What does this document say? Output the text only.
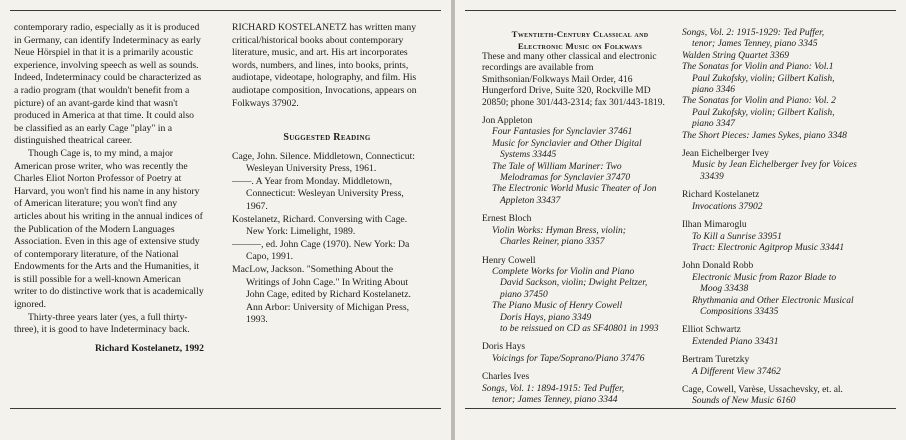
contemporary radio, especially as it is produced in Germany, can identify Indeterminacy as early Neue Hörspiel in that it is a primarily acoustic experience, involving speech as well as sounds. Indeed, Indeterminacy could be characterized as a radio program (that wouldn't benefit from a picture) of an avant-garde kind that wasn't produced in America at that time. It could also be classified as an early Cage "play" in a distinguished theatrical career.

Though Cage is, to my mind, a major American prose writer, who was recently the Charles Eliot Norton Professor of Poetry at Harvard, you won't find his name in any history of American literature; you won't find any articles about his writing in the annual indices of the Publication of the Modern Languages Association. Even in this age of extensive study of contemporary literature, of the National Endowments for the Arts and the Humanities, it is still possible for a well-known American writer to do distinctive work that is academically ignored.

Thirty-three years later (yes, a full thirty-three), it is good to have Indeterminacy back.

Richard Kostelanetz, 1992

RICHARD KOSTELANETZ has written many critical/historical books about contemporary literature, music, and art. His art incorporates words, numbers, and lines, into books, prints, audiotape, videotape, holography, and film. His audiotape composition, Invocations, appears on Folkways 37902.

Suggested Reading

Cage, John. Silence. Middletown, Connecticut: Wesleyan University Press, 1961.

——. A Year from Monday. Middletown, Connecticut: Wesleyan University Press, 1967.

Kostelanetz, Richard. Conversing with Cage. New York: Limelight, 1989.

———, ed. John Cage (1970). New York: Da Capo, 1991.

MacLow, Jackson. "Something About the Writings of John Cage." In Writing About John Cage, edited by Richard Kostelanetz. Ann Arbor: University of Michigan Press, 1993.

Twentieth-Century Classical and
Electronic Music on Folkways

These and many other classical and electronic recordings are available from Smithsonian/Folkways Mail Order, 416 Hungerford Drive, Suite 320, Rockville MD 20850; phone 301/443-2314; fax 301/443-1819.

Jon Appleton
Four Fantasies for Synclavier 37461
Music for Synclavier and Other Digital
Systems 33445
The Tale of William Mariner: Two
Melodramas for Synclavier 37470
The Electronic World Music Theater of Jon
Appleton 33437
Ernest Bloch
Violin Works: Hyman Bress, violin;
Charles Reiner, piano 3357
Henry Cowell
Complete Works for Violin and Piano
David Sackson, violin; Dwight Peltzer,
piano 37450
The Piano Music of Henry Cowell
Doris Hays, piano 3349
to be reissued on CD as SF40801 in 1993
Doris Hays
Voicings for Tape/Soprano/Piano 37476
Charles Ives
Songs, Vol. 1: 1894-1915: Ted Puffer,
tenor; James Tenney, piano 3344
Songs, Vol. 2: 1915-1929: Ted Puffer,
tenor; James Tenney, piano 3345
Walden String Quartet 3369
The Sonatas for Violin and Piano: Vol.1
Paul Zukofsky, violin; Gilbert Kalish,
piano 3346
The Sonatas for Violin and Piano: Vol. 2
Paul Zukofsky, violin; Gilbert Kalish,
piano 3347
The Short Pieces: James Sykes, piano 3348
Jean Eichelberger Ivey
Music by Jean Eichelberger Ivey for Voices
33439
Richard Kostelanetz
Invocations 37902
Ilhan Mimaroglu
To Kill a Sunrise 33951
Tract: Electronic Agitprop Music 33441
John Donald Robb
Electronic Music from Razor Blade to
Moog 33438
Rhythmania and Other Electronic Musical
Compositions 33435
Elliot Schwartz
Extended Piano 33431
Bertram Turetzky
A Different View 37462
Cage, Cowell, Varèse, Ussachevsky, et. al.
Sounds of New Music 6160
